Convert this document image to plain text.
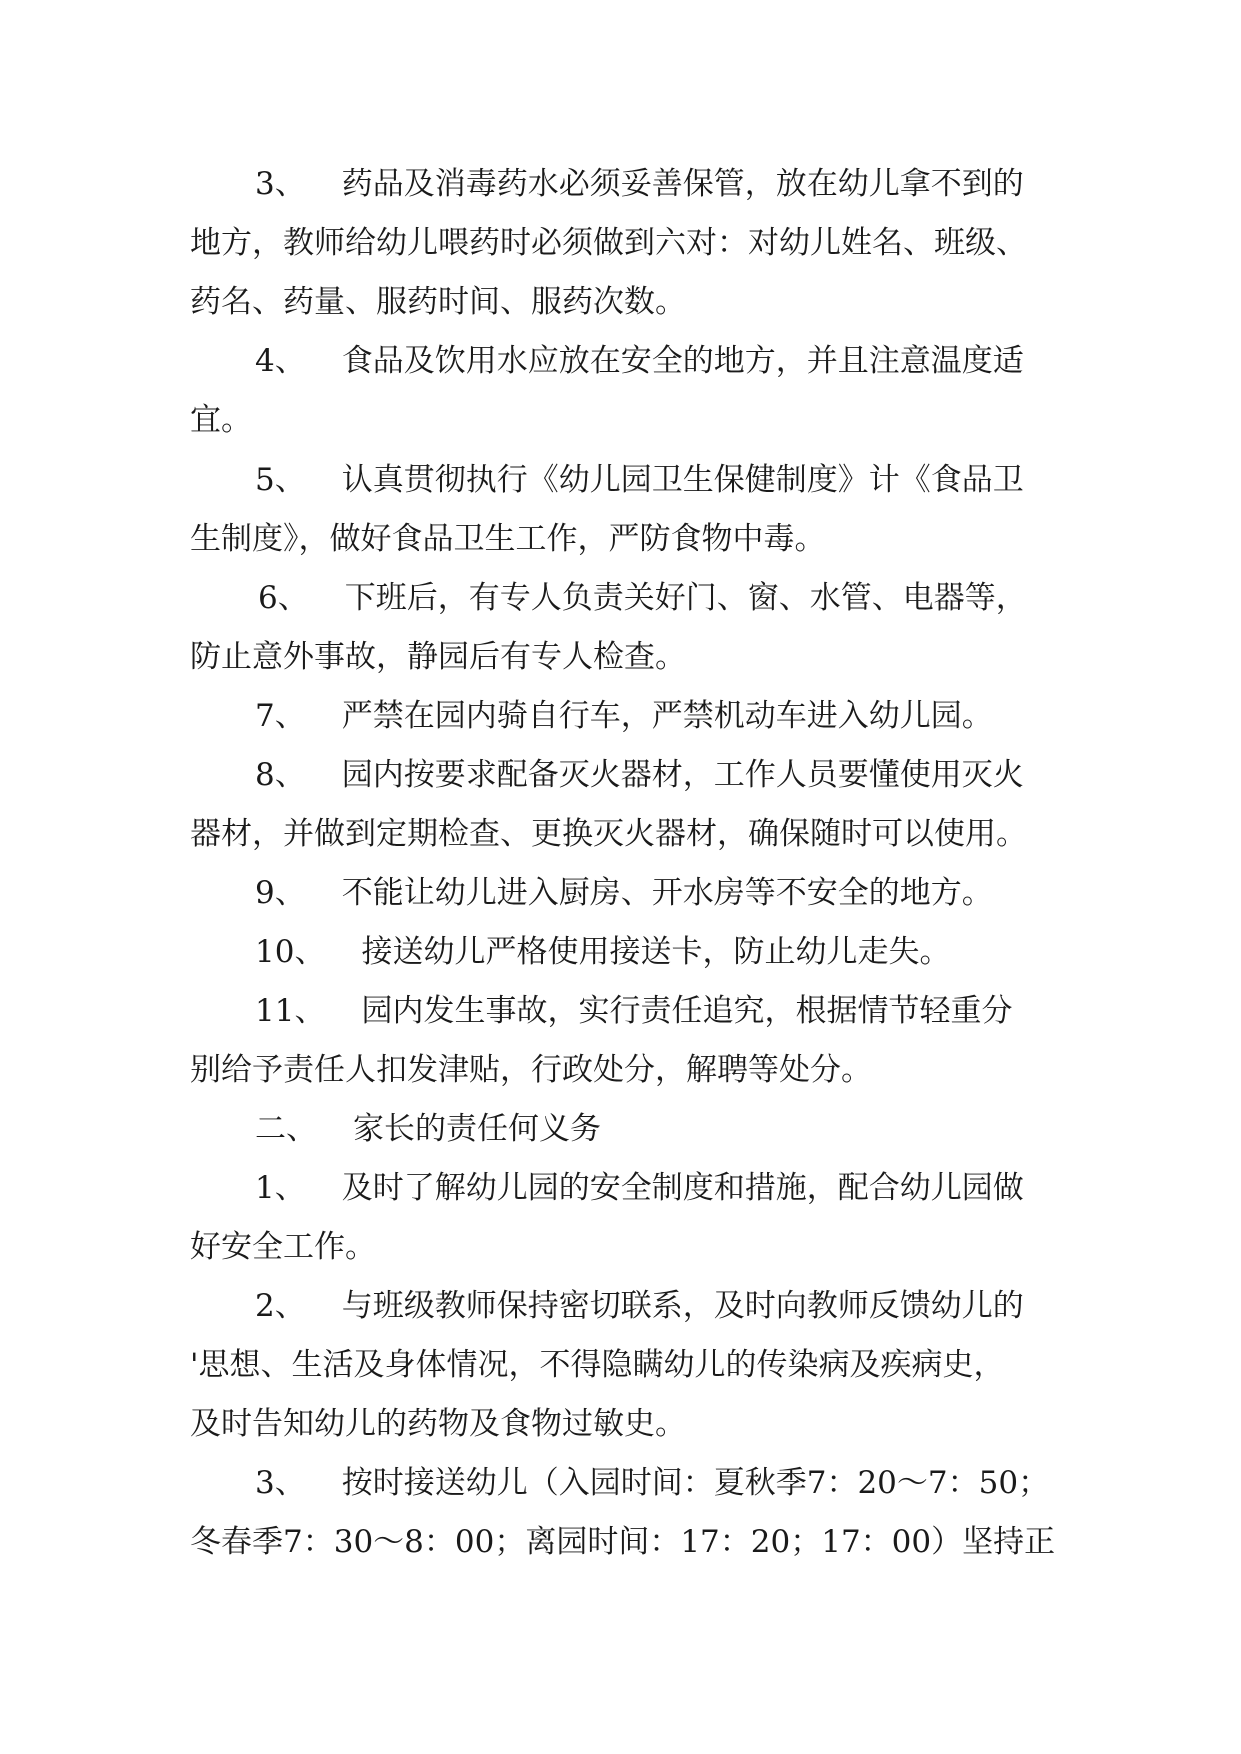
3、 药品及消毒药水必须妥善保管，放在幼儿拿不到的
地方，教师给幼儿喂药时必须做到六对：对幼儿姓名、班级、
药名、药量、服药时间、服药次数。
4、 食品及饮用水应放在安全的地方，并且注意温度适
宜。
5、 认真贯彻执行《幼儿园卫生保健制度》计《食品卫
生制度》，做好食品卫生工作，严防食物中毒。
6、 下班后，有专人负责关好门、窗、水管、电器等，
防止意外事故，静园后有专人检查。
7、 严禁在园内骑自行车，严禁机动车进入幼儿园。
8、 园内按要求配备灭火器材，工作人员要懂使用灭火
器材，并做到定期检查、更换灭火器材，确保随时可以使用。
9、 不能让幼儿进入厨房、开水房等不安全的地方。
10、 接送幼儿严格使用接送卡，防止幼儿走失。
11、 园内发生事故，实行责任追究，根据情节轻重分
别给予责任人扣发津贴，行政处分，解聘等处分。
二、 家长的责任何义务
1、 及时了解幼儿园的安全制度和措施，配合幼儿园做
好安全工作。
2、 与班级教师保持密切联系，及时向教师反馈幼儿的
'思想、生活及身体情况，不得隐瞒幼儿的传染病及疾病史，
及时告知幼儿的药物及食物过敏史。
3、 按时接送幼儿（入园时间：夏秋季7：20～7：50；
冬春季7：30～8：00；离园时间：17：20；17：00）坚持正
